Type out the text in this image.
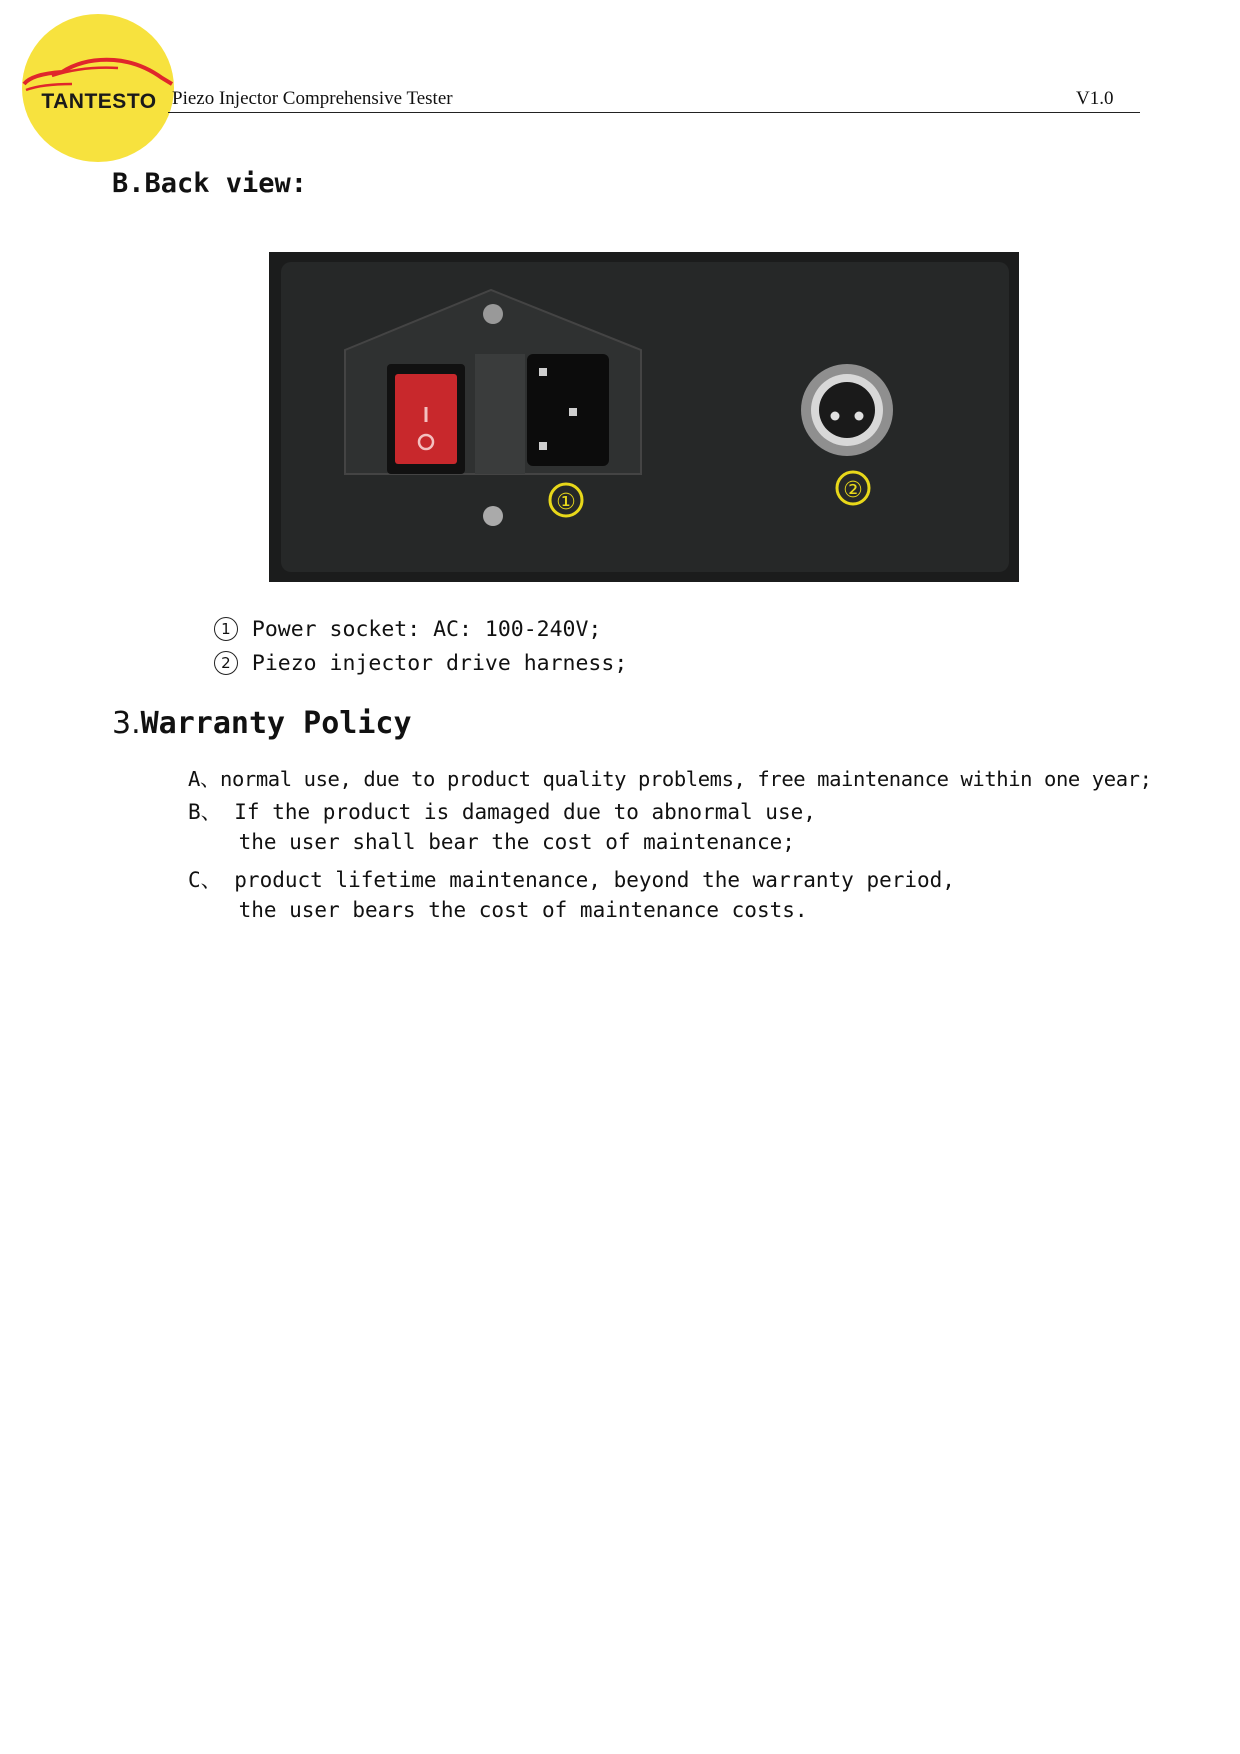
TANTESTO Piezo Injector Comprehensive Tester	V1.0
B.Back view:
①	②

1 Power socket: AC: 100-240V;

2 Piezo injector drive harness;

3.Warranty Policy
A、normal use, due to product quality problems, free maintenance within one year;
B、 If the product is damaged due to abnormal use,
the user shall bear the cost of maintenance;
C、 product lifetime maintenance, beyond the warranty period,
the user bears the cost of maintenance costs.
